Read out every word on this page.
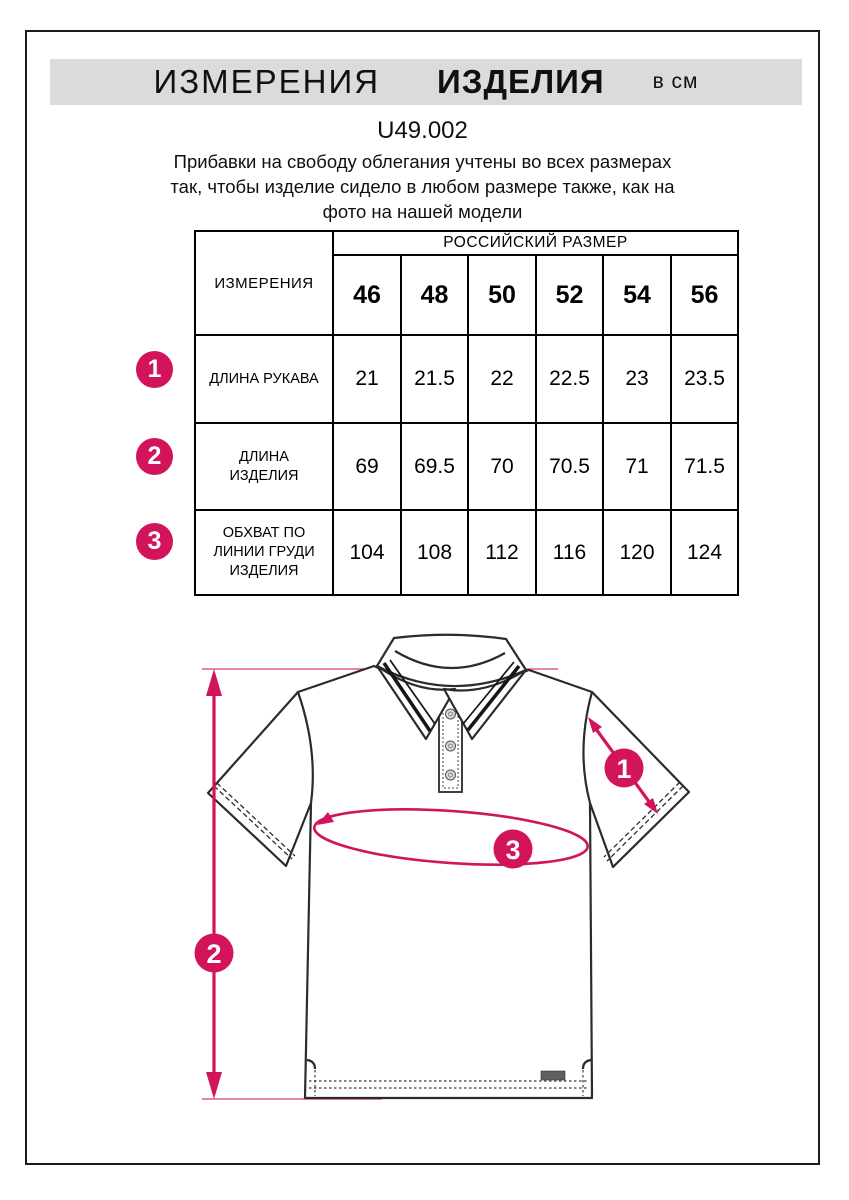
ИЗМЕРЕНИЯ ИЗДЕЛИЯ в см
U49.002
Прибавки на свободу облегания учтены во всех размерах
так, чтобы изделие сидело в любом размере также, как на
фото на нашей модели
1
2
3
ИЗМЕРЕНИЯ	РОССИЙСКИЙ РАЗМЕР					
	46	48	50	52	54	56
ДЛИНА РУКАВА	21	21.5	22	22.5	23	23.5
ДЛИНА ИЗДЕЛИЯ	69	69.5	70	70.5	71	71.5
ОБХВАТ ПО ЛИНИИ ГРУДИ ИЗДЕЛИЯ	104	108	112	116	120	124
1
2
3
